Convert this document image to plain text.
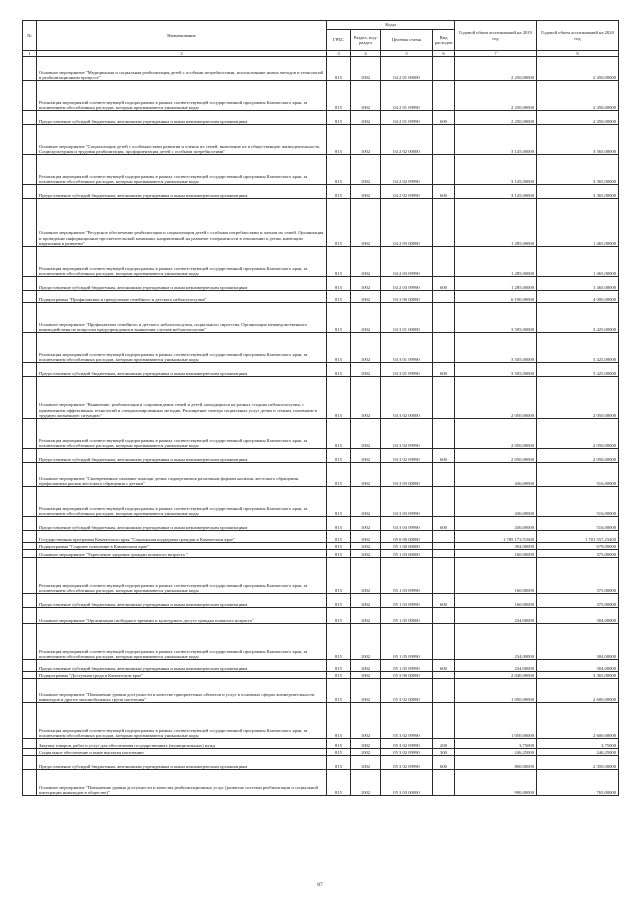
№	Наименование	Коды				Годовой объем ассигнований на 2019 год	Годовой объем ассигнований на 2020 год
		ГРБС	Раздел, под-раздел	Целевая статья	Вид расходов		
1	2	3	4	5	6	7	8
	Основное мероприятие "Медицинская и социальная реабилитация детей с особыми потребностями, использование новых методов и технологий в реабилитационном процессе"	815	1002	04 2 01 00000		2 250,00000	2 450,00000
	Реализация мероприятий соответствующей подпрограммы в рамках соответствующей государственной программы Камчатского края, за исключением обособленных расходов, которым присваиваются уникальные коды	815	1002	04 2 01 09990		2 250,00000	2 450,00000
	Предоставление субсидий бюджетным, автономным учреждениям и иным некоммерческим организациям	815	1002	04 2 01 09990	600	2 250,00000	2 450,00000
	Основное мероприятие "Социализация детей с особенностями развития и членов их семей, включение их в общественную жизнедеятельность. Социокультурная и трудовая реабилитация, профориентация детей с особыми потребностями"	815	1002	04 2 02 00000		3 145,00000	3 365,00000
	Реализация мероприятий соответствующей подпрограммы в рамках соответствующей государственной программы Камчатского края, за исключением обособленных расходов, которым присваиваются уникальные коды	815	1002	04 2 02 09990		3 145,00000	3 365,00000
	Предоставление субсидий бюджетным, автономным учреждениям и иным некоммерческим организациям	815	1002	04 2 02 09990	600	3 145,00000	3 365,00000
	Основное мероприятие "Ресурсное обеспечение реабилитации и социализации детей с особыми потребностями и членов их семей. Организация и проведение информационно-просветительской кампании, направленной на развитие толерантности в отношении к детям, имеющим нарушения в развитии"	815	1002	04 2 03 00000		1 285,00000	1 465,00000
	Реализация мероприятий соответствующей подпрограммы в рамках соответствующей государственной программы Камчатского края, за исключением обособленных расходов, которым присваиваются уникальные коды	815	1002	04 2 03 09990		1 285,00000	1 465,00000
	Предоставление субсидий бюджетным, автономным учреждениям и иным некоммерческим организациям	815	1002	04 2 03 09990	600	1 285,00000	1 465,00000
	Подпрограмма "Профилактика и преодоление семейного и детского неблагополучия"	815	1002	04 3 00 00000		6 100,00000	4 000,00000
	Основное мероприятие "Профилактика семейного и детского неблагополучия, социального сиротства. Организация межведомственного взаимодействия по вопросам предупреждения и выявления случаев неблагополучия"	815	1002	04 3 01 00000		3 505,00000	3 425,00000
	Реализация мероприятий соответствующей подпрограммы в рамках соответствующей государственной программы Камчатского края, за исключением обособленных расходов, которым присваиваются уникальные коды	815	1002	04 3 01 09990		3 505,00000	3 425,00000
	Предоставление субсидий бюджетным, автономным учреждениям и иным некоммерческим организациям	815	1002	04 3 01 09990	600	3 505,00000	3 425,00000
	Основное мероприятие "Выявление, реабилитация и сопровождение семей и детей, находящихся на разных стадиях неблагополучия, с применением эффективных технологий и специализированных методик. Расширение спектра социальных услуг детям и семьям, попавшим в трудную жизненную ситуацию"	815	1002	04 3 02 00000		2 050,00000	2 050,00000
	Реализация мероприятий соответствующей подпрограммы в рамках соответствующей государственной программы Камчатского края, за исключением обособленных расходов, которым присваиваются уникальные коды	815	1002	04 3 02 09990		2 050,00000	2 050,00000
	Предоставление субсидий бюджетным, автономным учреждениям и иным некоммерческим организациям	815	1002	04 3 02 09990	600	2 050,00000	2 050,00000
	Основное мероприятие "Своевременное оказание помощи детям, подвергшимся различным формам насилия, жестокого обращения, профилактика рисков жестокого обращения с детьми"	815	1002	04 3 03 00000		436,00000	516,00000
	Реализация мероприятий соответствующей подпрограммы в рамках соответствующей государственной программы Камчатского края, за исключением обособленных расходов, которым присваиваются уникальные коды	815	1002	04 3 03 09990		436,00000	516,00000
	Предоставление субсидий бюджетным, автономным учреждениям и иным некоммерческим организациям	815	1002	04 3 03 09990	600	436,00000	516,00000
	Государственная программа Камчатского края "Социальная поддержка граждан в Камчатском крае"	815	1002	05 0 00 00000		1 785 173,51600	1 701 557,23400
	Подпрограмма "Старшее поколение в Камчатском крае"	815	1002	05 1 00 00000		394,00000	679,00000
	Основное мероприятие "Укрепление здоровья граждан пожилого возраста "	815	1002	05 1 03 00000		160,00000	375,00000
	Реализация мероприятий соответствующей подпрограммы в рамках соответствующей государственной программы Камчатского края, за исключением обособленных расходов, которым присваиваются уникальные коды	815	1002	05 1 03 09990		160,00000	375,00000
	Предоставление субсидий бюджетным, автономным учреждениям и иным некоммерческим организациям	815	1002	05 1 03 09990	600	160,00000	375,00000
	Основное мероприятие "Организация свободного времени и культурного досуга граждан пожилого возраста"	815	1002	05 1 05 00000		234,00000	304,00000
	Реализация мероприятий соответствующей подпрограммы в рамках соответствующей государственной программы Камчатского края, за исключением обособленных расходов, которым присваиваются уникальные коды	815	1002	05 1 05 09990		234,00000	304,00000
	Предоставление субсидий бюджетным, автономным учреждениям и иным некоммерческим организациям	815	1002	05 1 05 09990	600	234,00000	304,00000
	Подпрограмма "Доступная среда в Камчатском крае"	815	1002	05 3 00 00000		2 040,00000	3 365,00000
	Основное мероприятие "Повышение уровня доступности в качестве приоритетных объектов и услуг в основных сферах жизнедеятельности инвалидов и других маломобильных групп населения"	815	1002	05 3 02 00000		1 050,00000	2 600,00000
	Реализация мероприятий соответствующей подпрограммы в рамках соответствующей государственной программы Камчатского края, за исключением обособленных расходов, которым присваиваются уникальные коды	815	1002	05 3 02 09990		1 050,00000	2 600,00000
	Закупка товаров, работ и услуг для обеспечения государственных (муниципальных) нужд	815	1002	05 3 02 09990	200	3,75000	3,75000
	Социальное обеспечение и иные выплаты населению	815	1002	05 3 02 09990	300	246,25000	246,25000
	Предоставление субсидий бюджетным, автономным учреждениям и иным некоммерческим организациям	815	1002	05 3 02 09990	600	800,00000	2 350,00000
	Основное мероприятие "Повышение уровня доступности и качества реабилитационных услуг (развитие системы реабилитации и социальной интеграции инвалидов в обществе)"	815	1002	05 3 03 00000		990,00000	765,00000
87
